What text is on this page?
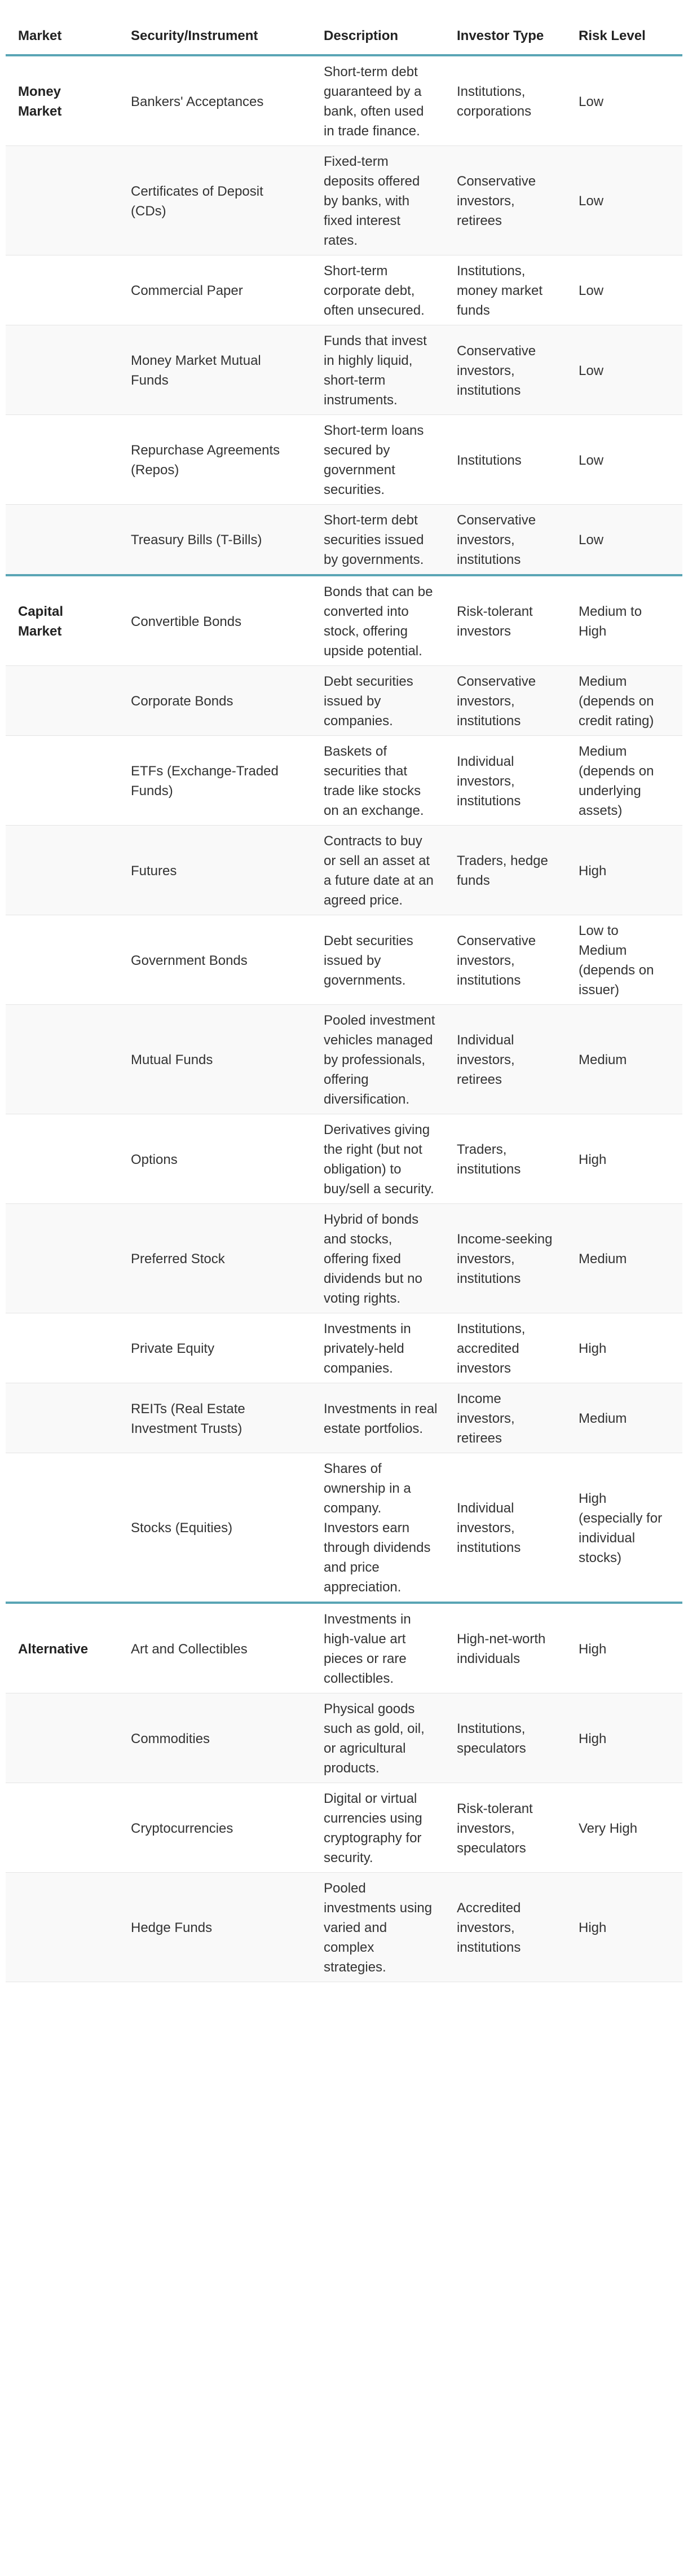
Market	Security/Instrument	Description	Investor Type	Risk Level
Money Market	Bankers' Acceptances	Short-term debt guaranteed by a bank, often used in trade finance.	Institutions, corporations	Low
	Certificates of Deposit (CDs)	Fixed-term deposits offered by banks, with fixed interest rates.	Conservative investors, retirees	Low
	Commercial Paper	Short-term corporate debt, often unsecured.	Institutions, money market funds	Low
	Money Market Mutual Funds	Funds that invest in highly liquid, short-term instruments.	Conservative investors, institutions	Low
	Repurchase Agreements (Repos)	Short-term loans secured by government securities.	Institutions	Low
	Treasury Bills (T-Bills)	Short-term debt securities issued by governments.	Conservative investors, institutions	Low
Capital Market	Convertible Bonds	Bonds that can be converted into stock, offering upside potential.	Risk-tolerant investors	Medium to High
	Corporate Bonds	Debt securities issued by companies.	Conservative investors, institutions	Medium (depends on credit rating)
	ETFs (Exchange-Traded Funds)	Baskets of securities that trade like stocks on an exchange.	Individual investors, institutions	Medium (depends on underlying assets)
	Futures	Contracts to buy or sell an asset at a future date at an agreed price.	Traders, hedge funds	High
	Government Bonds	Debt securities issued by governments.	Conservative investors, institutions	Low to Medium (depends on issuer)
	Mutual Funds	Pooled investment vehicles managed by professionals, offering diversification.	Individual investors, retirees	Medium
	Options	Derivatives giving the right (but not obligation) to buy/sell a security.	Traders, institutions	High
	Preferred Stock	Hybrid of bonds and stocks, offering fixed dividends but no voting rights.	Income-seeking investors, institutions	Medium
	Private Equity	Investments in privately-held companies.	Institutions, accredited investors	High
	REITs (Real Estate Investment Trusts)	Investments in real estate portfolios.	Income investors, retirees	Medium
	Stocks (Equities)	Shares of ownership in a company. Investors earn through dividends and price appreciation.	Individual investors, institutions	High (especially for individual stocks)
Alternative	Art and Collectibles	Investments in high-value art pieces or rare collectibles.	High-net-worth individuals	High
	Commodities	Physical goods such as gold, oil, or agricultural products.	Institutions, speculators	High
	Cryptocurrencies	Digital or virtual currencies using cryptography for security.	Risk-tolerant investors, speculators	Very High
	Hedge Funds	Pooled investments using varied and complex strategies.	Accredited investors, institutions	High
